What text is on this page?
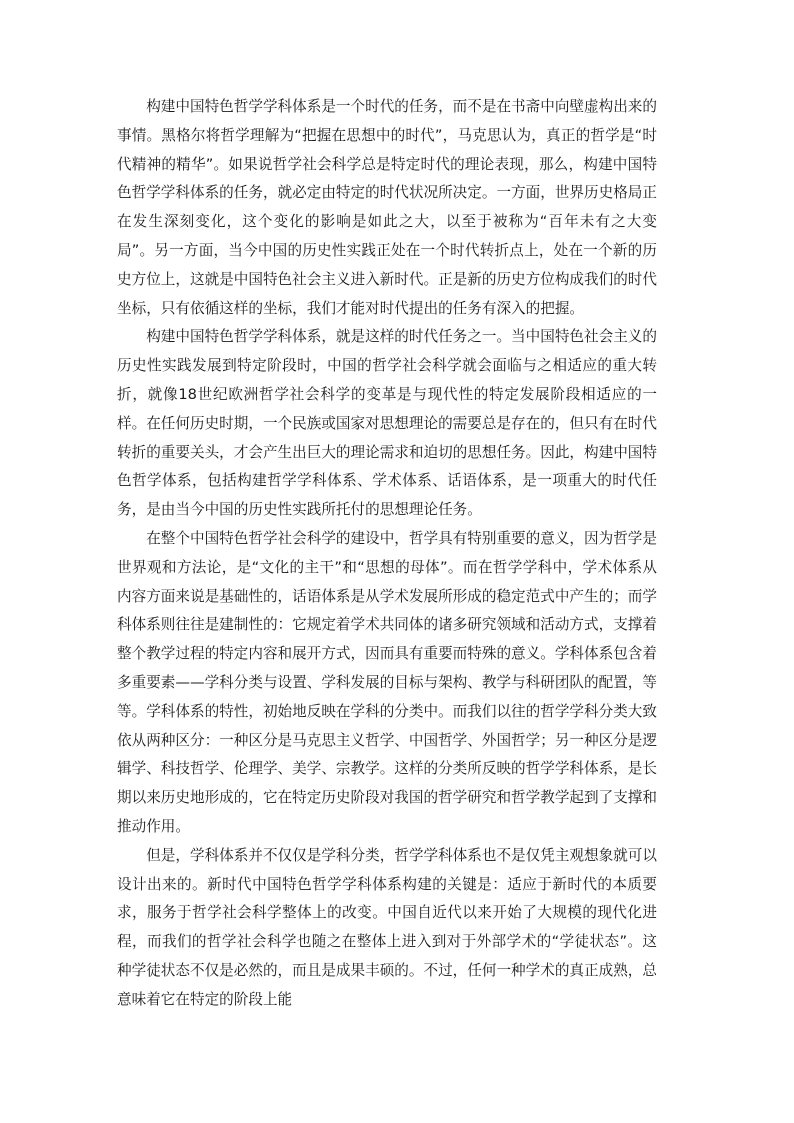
构建中国特色哲学学科体系是一个时代的任务，而不是在书斋中向壁虚构出来的事情。黑格尔将哲学理解为“把握在思想中的时代”，马克思认为，真正的哲学是“时代精神的精华”。如果说哲学社会科学总是特定时代的理论表现，那么，构建中国特色哲学学科体系的任务，就必定由特定的时代状况所决定。一方面，世界历史格局正在发生深刻变化，这个变化的影响是如此之大，以至于被称为“百年未有之大变局”。另一方面，当今中国的历史性实践正处在一个时代转折点上，处在一个新的历史方位上，这就是中国特色社会主义进入新时代。正是新的历史方位构成我们的时代坐标，只有依循这样的坐标，我们才能对时代提出的任务有深入的把握。

构建中国特色哲学学科体系，就是这样的时代任务之一。当中国特色社会主义的历史性实践发展到特定阶段时，中国的哲学社会科学就会面临与之相适应的重大转折，就像18世纪欧洲哲学社会科学的变革是与现代性的特定发展阶段相适应的一样。在任何历史时期，一个民族或国家对思想理论的需要总是存在的，但只有在时代转折的重要关头，才会产生出巨大的理论需求和迫切的思想任务。因此，构建中国特色哲学体系，包括构建哲学学科体系、学术体系、话语体系，是一项重大的时代任务，是由当今中国的历史性实践所托付的思想理论任务。

在整个中国特色哲学社会科学的建设中，哲学具有特别重要的意义，因为哲学是世界观和方法论，是“文化的主干”和“思想的母体”。而在哲学学科中，学术体系从内容方面来说是基础性的，话语体系是从学术发展所形成的稳定范式中产生的；而学科体系则往往是建制性的：它规定着学术共同体的诸多研究领域和活动方式，支撑着整个教学过程的特定内容和展开方式，因而具有重要而特殊的意义。学科体系包含着多重要素——学科分类与设置、学科发展的目标与架构、教学与科研团队的配置，等等。学科体系的特性，初始地反映在学科的分类中。而我们以往的哲学学科分类大致依从两种区分：一种区分是马克思主义哲学、中国哲学、外国哲学；另一种区分是逻辑学、科技哲学、伦理学、美学、宗教学。这样的分类所反映的哲学学科体系，是长期以来历史地形成的，它在特定历史阶段对我国的哲学研究和哲学教学起到了支撑和推动作用。

但是，学科体系并不仅仅是学科分类，哲学学科体系也不是仅凭主观想象就可以设计出来的。新时代中国特色哲学学科体系构建的关键是：适应于新时代的本质要求，服务于哲学社会科学整体上的改变。中国自近代以来开始了大规模的现代化进程，而我们的哲学社会科学也随之在整体上进入到对于外部学术的“学徒状态”。这种学徒状态不仅是必然的，而且是成果丰硕的。不过，任何一种学术的真正成熟，总意味着它在特定的阶段上能
